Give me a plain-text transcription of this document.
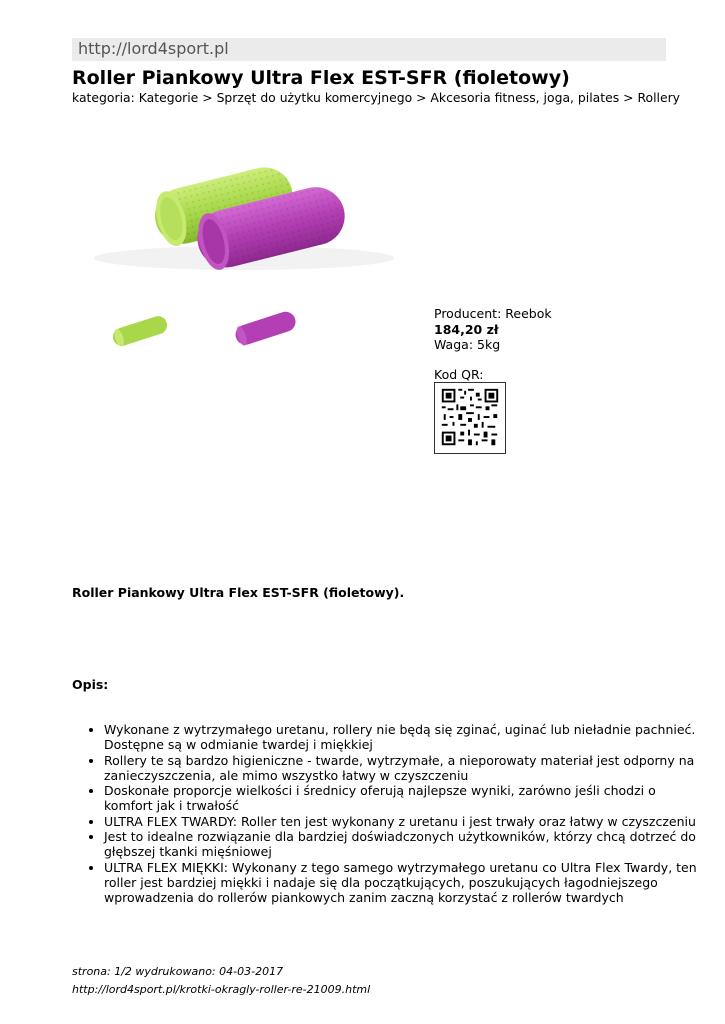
http://lord4sport.pl
Roller Piankowy Ultra Flex EST-SFR (fioletowy)
kategoria: Kategorie > Sprzęt do użytku komercyjnego > Akcesoria fitness, joga, pilates > Rollery
Producent: Reebok
184,20 zł
Waga: 5kg
Kod QR:
Roller Piankowy Ultra Flex EST-SFR (fioletowy).
Opis:
• Wykonane z wytrzymałego uretanu, rollery nie będą się zginać, uginać lub nieładnie pachnieć. Dostępne są w odmianie twardej i miękkiej
• Rollery te są bardzo higieniczne - twarde, wytrzymałe, a nieporowaty materiał jest odporny na zanieczyszczenia, ale mimo wszystko łatwy w czyszczeniu
• Doskonałe proporcje wielkości i średnicy oferują najlepsze wyniki, zarówno jeśli chodzi o komfort jak i trwałość
• ULTRA FLEX TWARDY: Roller ten jest wykonany z uretanu i jest trwały oraz łatwy w czyszczeniu
• Jest to idealne rozwiązanie dla bardziej doświadczonych użytkowników, którzy chcą dotrzeć do głębszej tkanki mięśniowej
• ULTRA FLEX MIĘKKI: Wykonany z tego samego wytrzymałego uretanu co Ultra Flex Twardy, ten roller jest bardziej miękki i nadaje się dla początkujących, poszukujących łagodniejszego wprowadzenia do rollerów piankowych zanim zaczną korzystać z rollerów twardych
strona: 1/2 wydrukowano: 04-03-2017
http://lord4sport.pl/krotki-okragly-roller-re-21009.html
